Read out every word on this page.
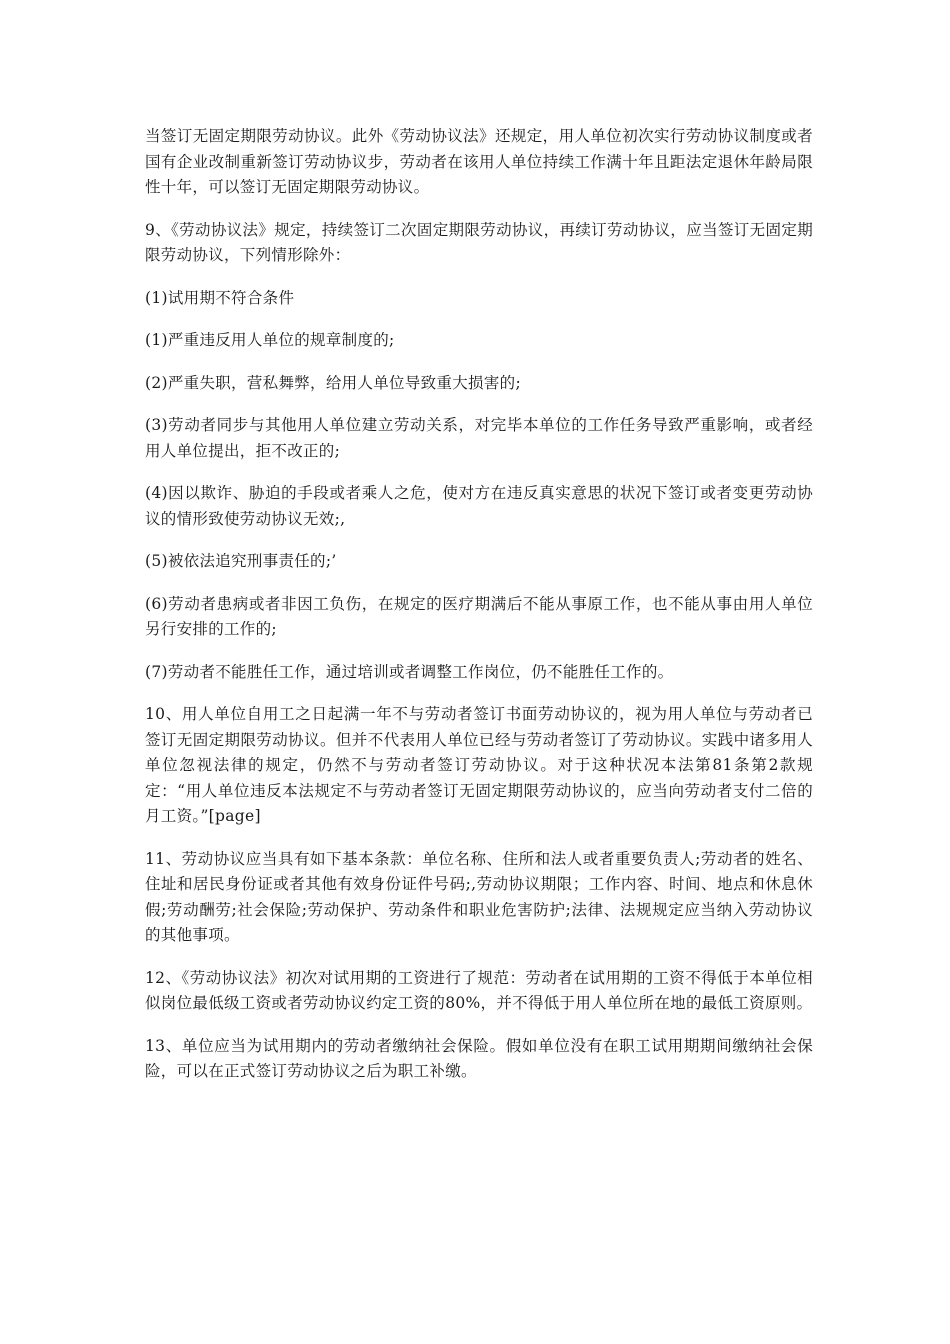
当签订无固定期限劳动协议。此外《劳动协议法》还规定，用人单位初次实行劳动协议制度或者国有企业改制重新签订劳动协议步，劳动者在该用人单位持续工作满十年且距法定退休年龄局限性十年，可以签订无固定期限劳动协议。

9、《劳动协议法》规定，持续签订二次固定期限劳动协议，再续订劳动协议，应当签订无固定期限劳动协议，下列情形除外：

(1)试用期不符合条件

(1)严重违反用人单位的规章制度的;

(2)严重失职，营私舞弊，给用人单位导致重大损害的;

(3)劳动者同步与其他用人单位建立劳动关系，对完毕本单位的工作任务导致严重影响，或者经用人单位提出，拒不改正的;

(4)因以欺诈、胁迫的手段或者乘人之危，使对方在违反真实意思的状况下签订或者变更劳动协议的情形致使劳动协议无效;,

(5)被依法追究刑事责任的;’

(6)劳动者患病或者非因工负伤，在规定的医疗期满后不能从事原工作，也不能从事由用人单位另行安排的工作的;

(7)劳动者不能胜任工作，通过培训或者调整工作岗位，仍不能胜任工作的。

10、用人单位自用工之日起满一年不与劳动者签订书面劳动协议的，视为用人单位与劳动者已签订无固定期限劳动协议。但并不代表用人单位已经与劳动者签订了劳动协议。实践中诸多用人单位忽视法律的规定，仍然不与劳动者签订劳动协议。对于这种状况本法第81条第2款规定：“用人单位违反本法规定不与劳动者签订无固定期限劳动协议的，应当向劳动者支付二倍的月工资。”[page]

11、劳动协议应当具有如下基本条款：单位名称、住所和法人或者重要负责人;劳动者的姓名、住址和居民身份证或者其他有效身份证件号码;,劳动协议期限；工作内容、时间、地点和休息休假;劳动酬劳;社会保险;劳动保护、劳动条件和职业危害防护;法律、法规规定应当纳入劳动协议的其他事项。

12、《劳动协议法》初次对试用期的工资进行了规范：劳动者在试用期的工资不得低于本单位相似岗位最低级工资或者劳动协议约定工资的80%，并不得低于用人单位所在地的最低工资原则。

13、单位应当为试用期内的劳动者缴纳社会保险。假如单位没有在职工试用期期间缴纳社会保险，可以在正式签订劳动协议之后为职工补缴。
